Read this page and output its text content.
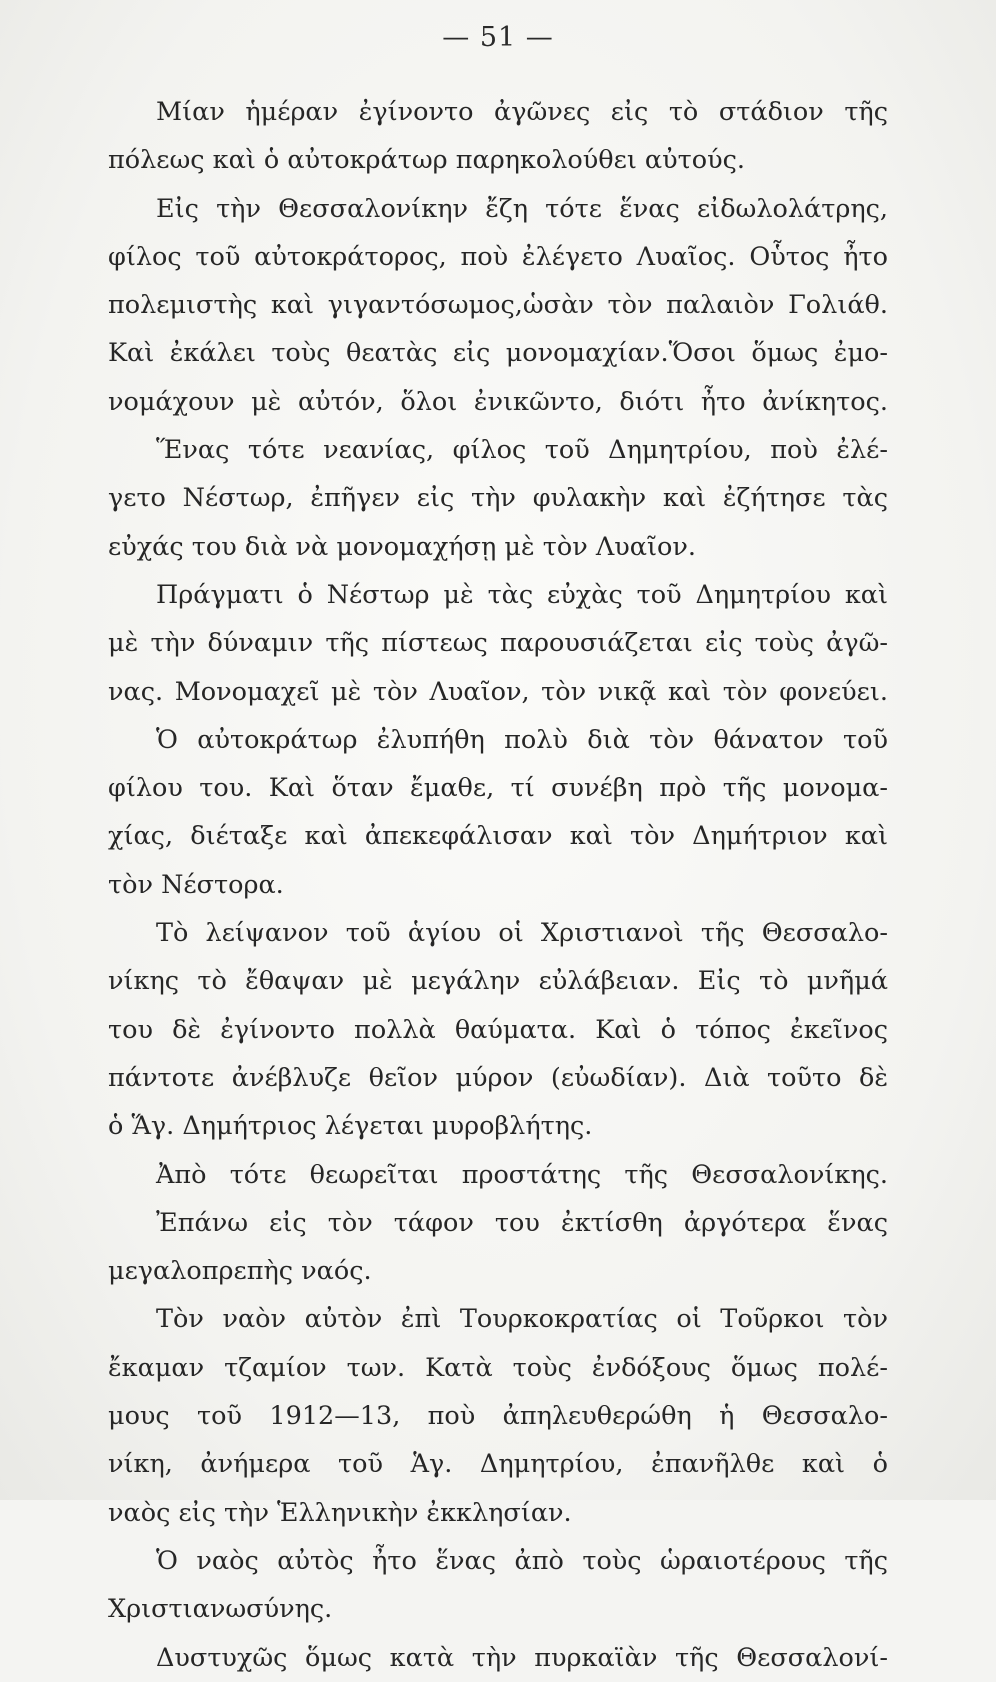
— 51 —
Μίαν ἡμέραν ἐγίνοντο ἀγῶνες εἰς τὸ στάδιον τῆς
πόλεως καὶ ὁ αὐτοκράτωρ παρηκολούθει αὐτούς.
Εἰς τὴν Θεσσαλονίκην ἔζη τότε ἕνας εἰδωλολάτρης,
φίλος τοῦ αὐτοκράτορος, ποὺ ἐλέγετο Λυαῖος. Οὗτος ἦτο
πολεμιστὴς καὶ γιγαντόσωμος,ὡσὰν τὸν παλαιὸν Γολιάθ.
Καὶ ἐκάλει τοὺς θεατὰς εἰς μονομαχίαν.Ὅσοι ὅμως ἐμο-
νομάχουν μὲ αὐτόν, ὅλοι ἐνικῶντο, διότι ἦτο ἀνίκητος.
Ἕνας τότε νεανίας, φίλος τοῦ Δημητρίου, ποὺ ἐλέ-
γετο Νέστωρ, ἐπῆγεν εἰς τὴν φυλακὴν καὶ ἐζήτησε τὰς
εὐχάς του διὰ νὰ μονομαχήσῃ μὲ τὸν Λυαῖον.
Πράγματι ὁ Νέστωρ μὲ τὰς εὐχὰς τοῦ Δημητρίου καὶ
μὲ τὴν δύναμιν τῆς πίστεως παρουσιάζεται εἰς τοὺς ἀγῶ-
νας. Μονομαχεῖ μὲ τὸν Λυαῖον, τὸν νικᾷ καὶ τὸν φονεύει.
Ὁ αὐτοκράτωρ ἐλυπήθη πολὺ διὰ τὸν θάνατον τοῦ
φίλου του. Καὶ ὅταν ἔμαθε, τί συνέβη πρὸ τῆς μονομα-
χίας, διέταξε καὶ ἀπεκεφάλισαν καὶ τὸν Δημήτριον καὶ
τὸν Νέστορα.
Τὸ λείψανον τοῦ ἁγίου οἱ Χριστιανοὶ τῆς Θεσσαλο-
νίκης τὸ ἔθαψαν μὲ μεγάλην εὐλάβειαν. Εἰς τὸ μνῆμά
του δὲ ἐγίνοντο πολλὰ θαύματα. Καὶ ὁ τόπος ἐκεῖνος
πάντοτε ἀνέβλυζε θεῖον μύρον (εὐωδίαν). Διὰ τοῦτο δὲ
ὁ Ἅγ. Δημήτριος λέγεται μυροβλήτης.
Ἀπὸ τότε θεωρεῖται προστάτης τῆς Θεσσαλονίκης.
Ἐπάνω εἰς τὸν τάφον του ἐκτίσθη ἀργότερα ἕνας
μεγαλοπρεπὴς ναός.
Τὸν ναὸν αὐτὸν ἐπὶ Τουρκοκρατίας οἱ Τοῦρκοι τὸν
ἔκαμαν τζαμίον των. Κατὰ τοὺς ἐνδόξους ὅμως πολέ-
μους τοῦ 1912—13, ποὺ ἀπηλευθερώθη ἡ Θεσσαλο-
νίκη, ἀνήμερα τοῦ Ἁγ. Δημητρίου, ἐπανῆλθε καὶ ὁ
ναὸς εἰς τὴν Ἑλληνικὴν ἐκκλησίαν.
Ὁ ναὸς αὐτὸς ἦτο ἕνας ἀπὸ τοὺς ὡραιοτέρους τῆς
Χριστιανωσύνης.
Δυστυχῶς ὅμως κατὰ τὴν πυρκαϊὰν τῆς Θεσσαλονί-
